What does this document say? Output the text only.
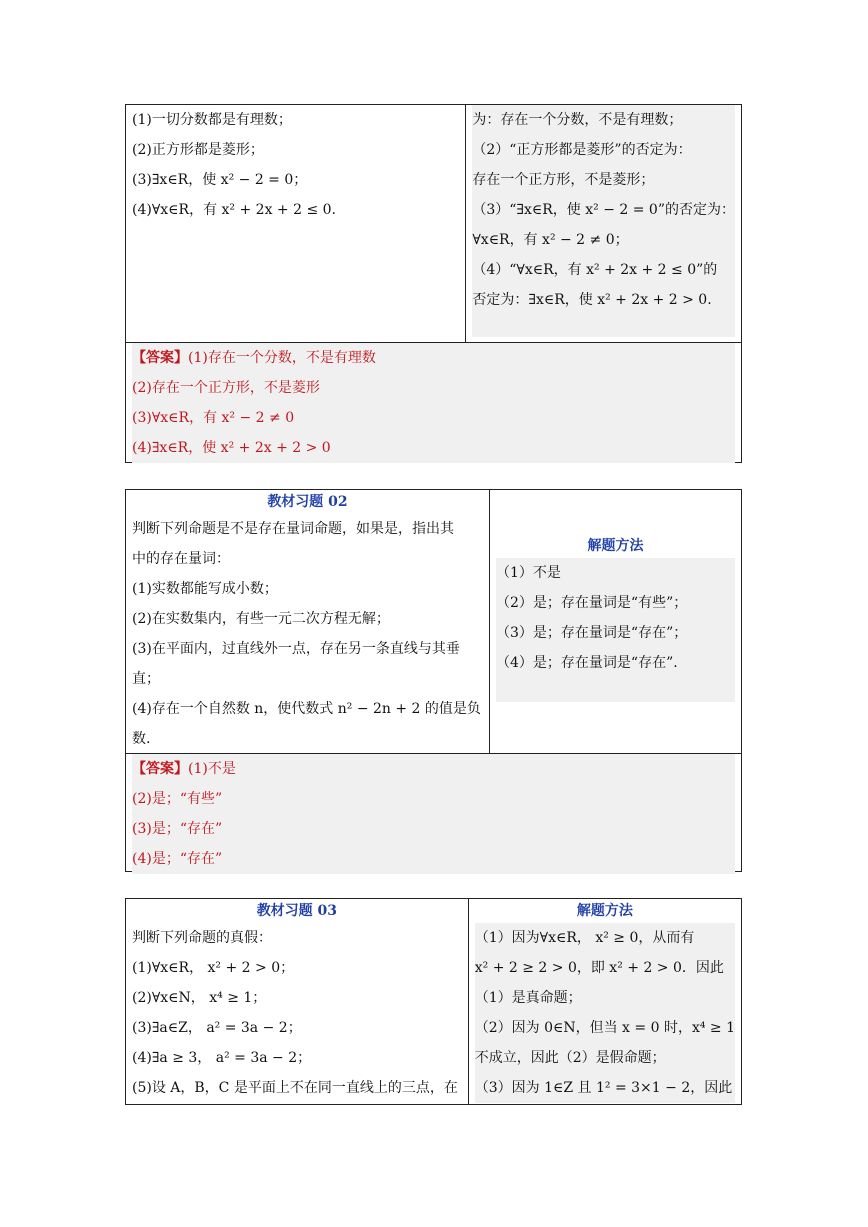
(1)一切分数都是有理数；
(2)正方形都是菱形；
(3)∃x∈R，使 x² − 2 = 0；
(4)∀x∈R，有 x² + 2x + 2 ≤ 0.
为：存在一个分数，不是有理数；
（2）“正方形都是菱形”的否定为：
存在一个正方形，不是菱形；
（3）“∃x∈R，使 x² − 2 = 0”的否定为：
∀x∈R，有 x² − 2 ≠ 0；
（4）“∀x∈R，有 x² + 2x + 2 ≤ 0”的
否定为：∃x∈R，使 x² + 2x + 2 > 0.
【答案】(1)存在一个分数，不是有理数
(2)存在一个正方形，不是菱形
(3)∀x∈R，有 x² − 2 ≠ 0
(4)∃x∈R，使 x² + 2x + 2 > 0
教材习题 02
判断下列命题是不是存在量词命题，如果是，指出其
中的存在量词：
(1)实数都能写成小数；
(2)在实数集内，有些一元二次方程无解；
(3)在平面内，过直线外一点，存在另一条直线与其垂
直；
(4)存在一个自然数 n，使代数式 n² − 2n + 2 的值是负
数.
解题方法
（1）不是
（2）是；存在量词是“有些”；
（3）是；存在量词是“存在”；
（4）是；存在量词是“存在”.
【答案】(1)不是
(2)是；“有些”
(3)是；“存在”
(4)是；“存在”
教材习题 03
判断下列命题的真假：
(1)∀x∈R， x² + 2 > 0；
(2)∀x∈N， x⁴ ≥ 1；
(3)∃a∈Z， a² = 3a − 2；
(4)∃a ≥ 3， a² = 3a − 2；
(5)设 A，B，C 是平面上不在同一直线上的三点，在
解题方法
（1）因为∀x∈R， x² ≥ 0，从而有
x² + 2 ≥ 2 > 0，即 x² + 2 > 0．因此
（1）是真命题；
（2）因为 0∈N，但当 x = 0 时，x⁴ ≥ 1
不成立，因此（2）是假命题；
（3）因为 1∈Z 且 1² = 3×1 − 2，因此
